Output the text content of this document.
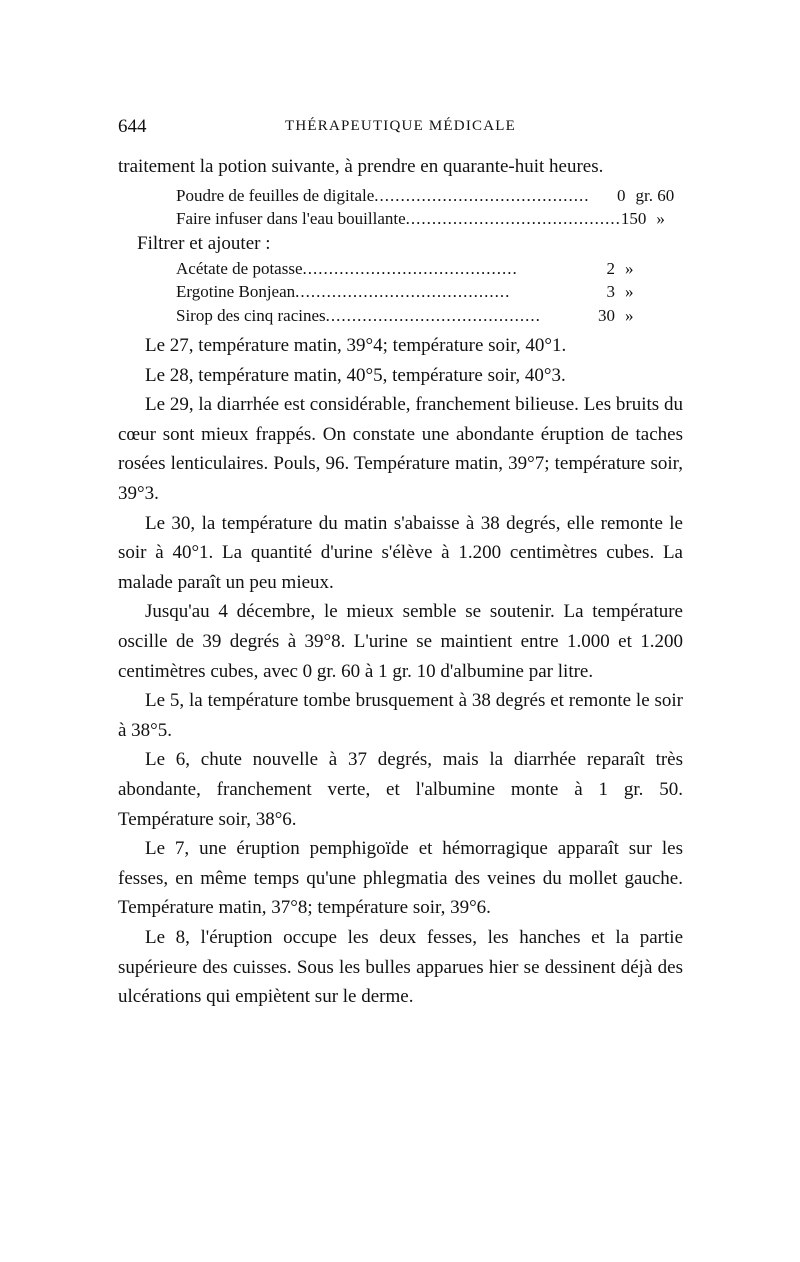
644	THÉRAPEUTIQUE MÉDICALE

traitement la potion suivante, à prendre en quarante-huit heures.

Poudre de feuilles de digitale.........................................	0 gr. 60
Faire infuser dans l'eau bouillante......................................... 150 »
Filtrer et ajouter :
Acétate de potasse.........................................	2 »
Ergotine Bonjean.........................................	3 »
Sirop des cinq racines.........................................	30 »

Le 27, température matin, 39°4; température soir, 40°1.

Le 28, température matin, 40°5, température soir, 40°3.

Le 29, la diarrhée est considérable, franchement bilieuse. Les bruits du cœur sont mieux frappés. On constate une abondante éruption de taches rosées lenticulaires. Pouls, 96. Température matin, 39°7; température soir, 39°3.

Le 30, la température du matin s'abaisse à 38 degrés, elle remonte le soir à 40°1. La quantité d'urine s'élève à 1.200 centimètres cubes. La malade paraît un peu mieux.

Jusqu'au 4 décembre, le mieux semble se soutenir. La température oscille de 39 degrés à 39°8. L'urine se maintient entre 1.000 et 1.200 centimètres cubes, avec 0 gr. 60 à 1 gr. 10 d'albumine par litre.

Le 5, la température tombe brusquement à 38 degrés et remonte le soir à 38°5.

Le 6, chute nouvelle à 37 degrés, mais la diarrhée reparaît très abondante, franchement verte, et l'albumine monte à 1 gr. 50. Température soir, 38°6.

Le 7, une éruption pemphigoïde et hémorragique apparaît sur les fesses, en même temps qu'une phlegmatia des veines du mollet gauche. Température matin, 37°8; température soir, 39°6.

Le 8, l'éruption occupe les deux fesses, les hanches et la partie supérieure des cuisses. Sous les bulles apparues hier se dessinent déjà des ulcérations qui empiètent sur le derme.
